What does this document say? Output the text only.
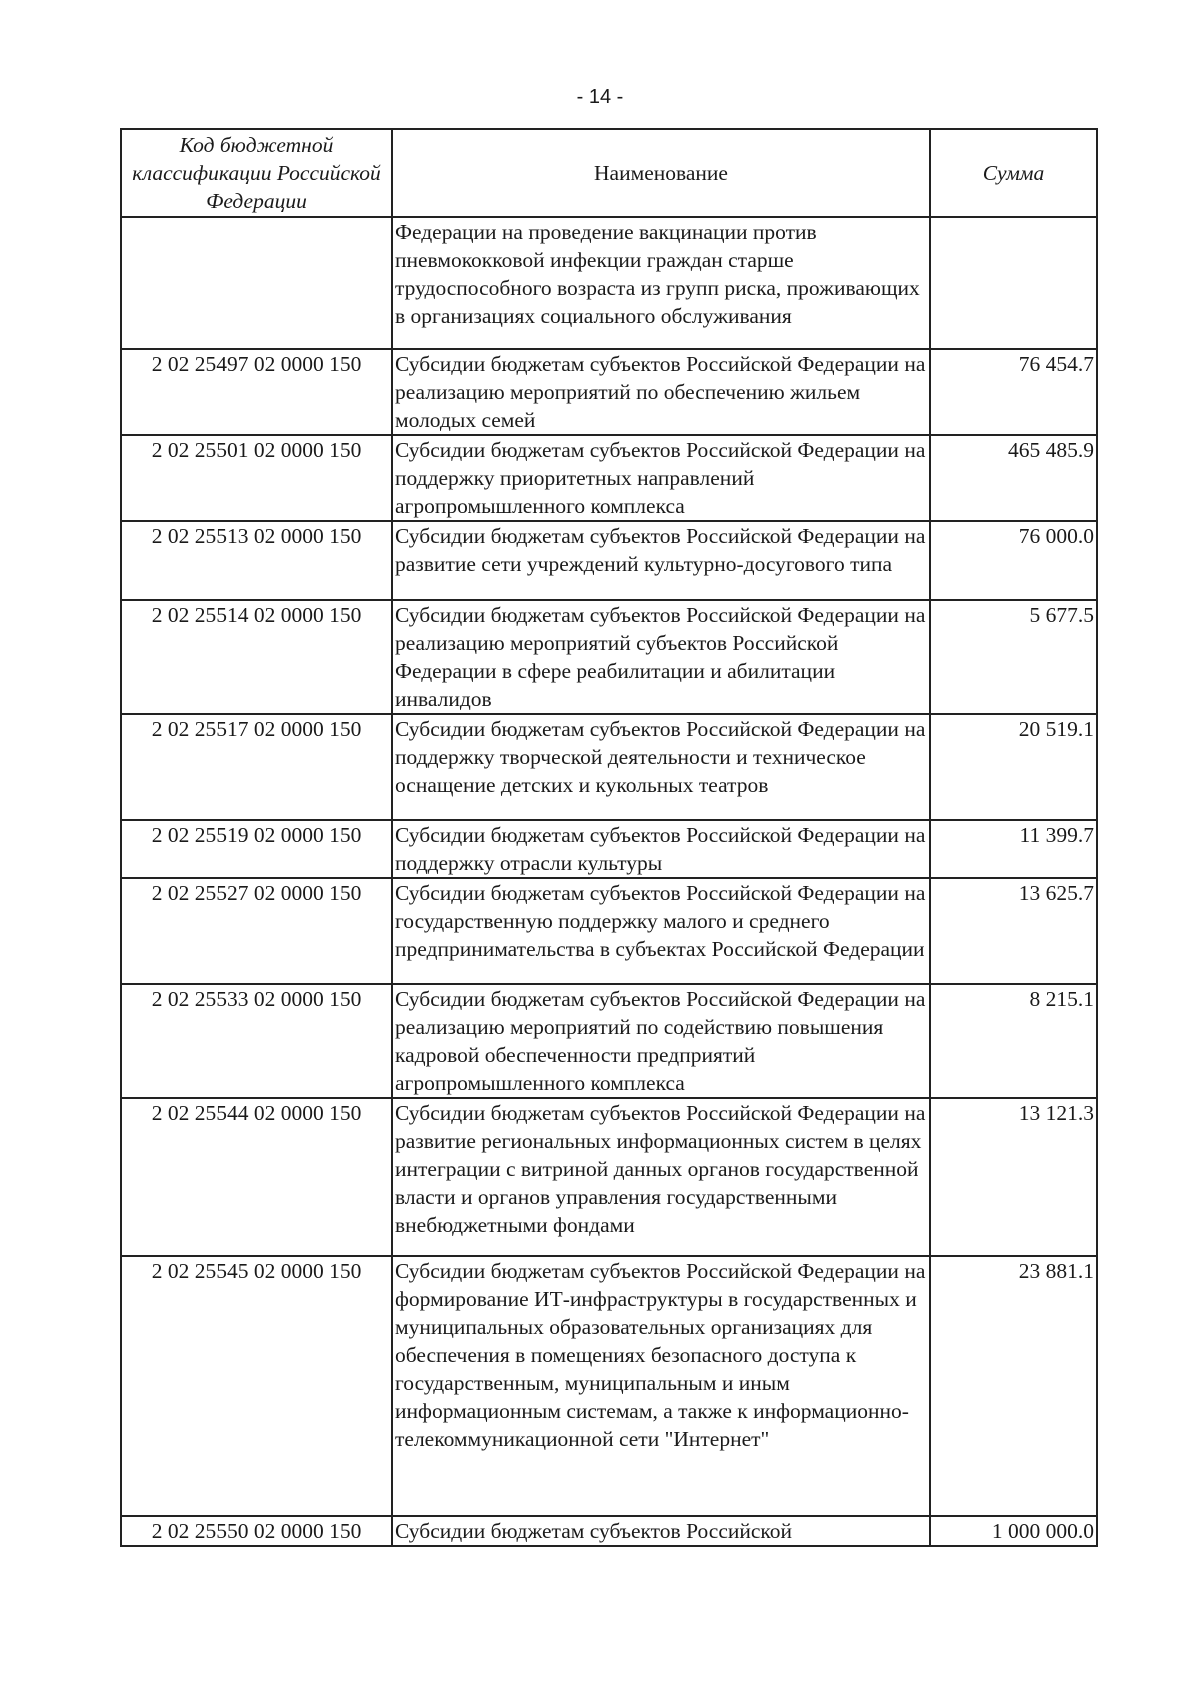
- 14 -
Код бюджетной классификации Российской Федерации	Наименование	Сумма
	Федерации на проведение вакцинации против пневмококковой инфекции граждан старше трудоспособного возраста из групп риска, проживающих в организациях социального обслуживания	
2 02 25497 02 0000 150	Субсидии бюджетам субъектов Российской Федерации на реализацию мероприятий по обеспечению жильем молодых семей	76 454.7
2 02 25501 02 0000 150	Субсидии бюджетам субъектов Российской Федерации на поддержку приоритетных направлений агропромышленного комплекса	465 485.9
2 02 25513 02 0000 150	Субсидии бюджетам субъектов Российской Федерации на развитие сети учреждений культурно-досугового типа	76 000.0
2 02 25514 02 0000 150	Субсидии бюджетам субъектов Российской Федерации на реализацию мероприятий субъектов Российской Федерации в сфере реабилитации и абилитации инвалидов	5 677.5
2 02 25517 02 0000 150	Субсидии бюджетам субъектов Российской Федерации на поддержку творческой деятельности и техническое оснащение детских и кукольных театров	20 519.1
2 02 25519 02 0000 150	Субсидии бюджетам субъектов Российской Федерации на поддержку отрасли культуры	11 399.7
2 02 25527 02 0000 150	Субсидии бюджетам субъектов Российской Федерации на государственную поддержку малого и среднего предпринимательства в субъектах Российской Федерации	13 625.7
2 02 25533 02 0000 150	Субсидии бюджетам субъектов Российской Федерации на реализацию мероприятий по содействию повышения кадровой обеспеченности предприятий агропромышленного комплекса	8 215.1
2 02 25544 02 0000 150	Субсидии бюджетам субъектов Российской Федерации на развитие региональных информационных систем в целях интеграции с витриной данных органов государственной власти и органов управления государственными внебюджетными фондами	13 121.3
2 02 25545 02 0000 150	Субсидии бюджетам субъектов Российской Федерации на формирование ИТ-инфраструктуры в государственных и муниципальных образовательных организациях для обеспечения в помещениях безопасного доступа к государственным, муниципальным и иным информационным системам, а также к информационно-телекоммуникационной сети "Интернет"	23 881.1
2 02 25550 02 0000 150	Субсидии бюджетам субъектов Российской	1 000 000.0
